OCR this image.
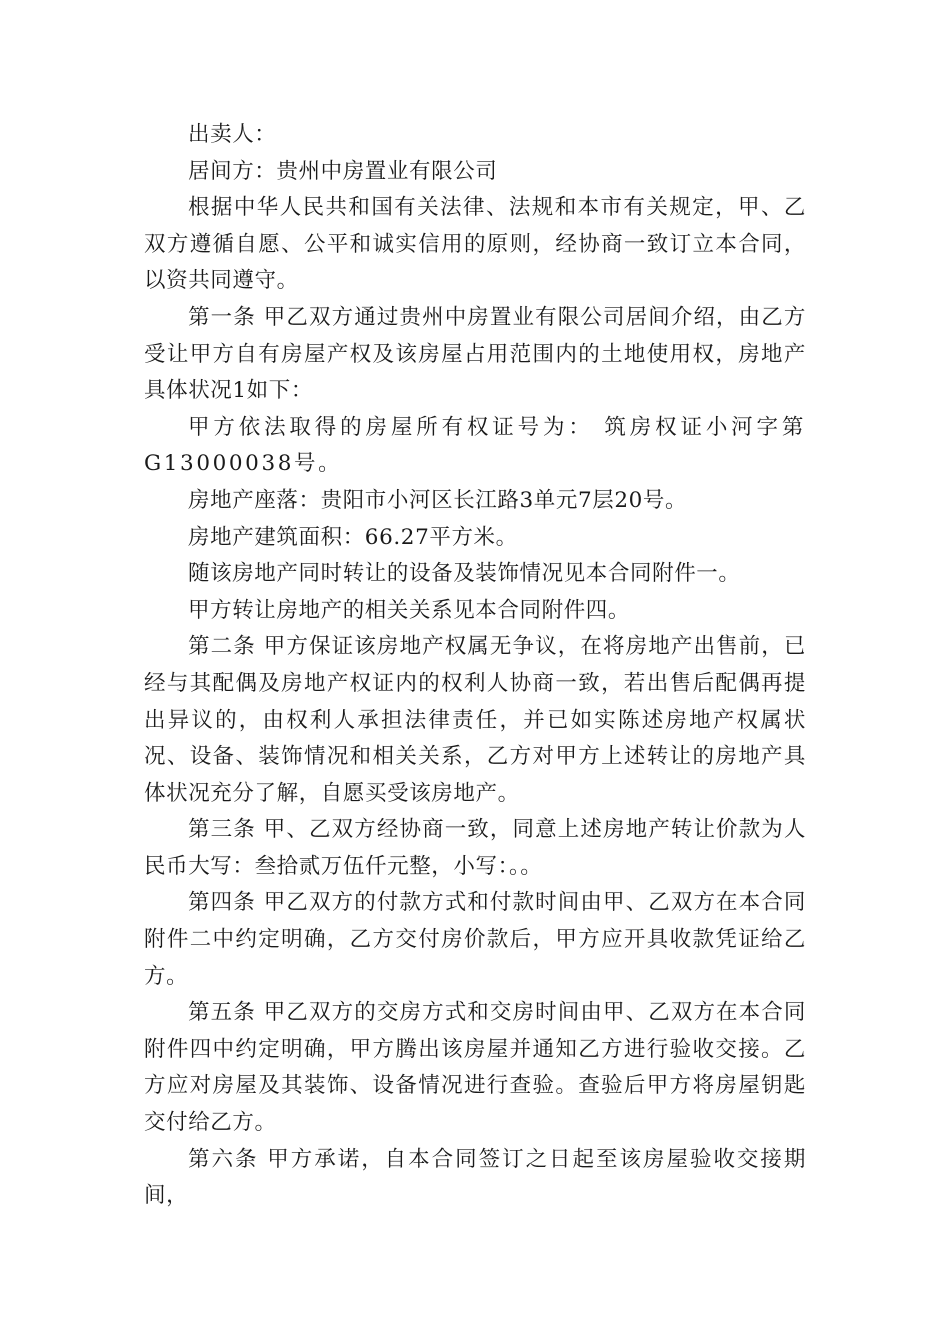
出卖人：

居间方：贵州中房置业有限公司

根据中华人民共和国有关法律、法规和本市有关规定，甲、乙双方遵循自愿、公平和诚实信用的原则，经协商一致订立本合同，以资共同遵守。

第一条 甲乙双方通过贵州中房置业有限公司居间介绍，由乙方受让甲方自有房屋产权及该房屋占用范围内的土地使用权，房地产具体状况1如下：

甲方依法取得的房屋所有权证号为： 筑房权证小河字第G13000038号。

房地产座落：贵阳市小河区长江路3单元7层20号。

房地产建筑面积：66.27平方米。

随该房地产同时转让的设备及装饰情况见本合同附件一。

甲方转让房地产的相关关系见本合同附件四。

第二条 甲方保证该房地产权属无争议，在将房地产出售前，已经与其配偶及房地产权证内的权利人协商一致，若出售后配偶再提出异议的，由权利人承担法律责任，并已如实陈述房地产权属状况、设备、装饰情况和相关关系，乙方对甲方上述转让的房地产具体状况充分了解，自愿买受该房地产。

第三条 甲、乙双方经协商一致，同意上述房地产转让价款为人民币大写：叁拾贰万伍仟元整，小写：。。

第四条 甲乙双方的付款方式和付款时间由甲、乙双方在本合同附件二中约定明确，乙方交付房价款后，甲方应开具收款凭证给乙方。

第五条 甲乙双方的交房方式和交房时间由甲、乙双方在本合同附件四中约定明确，甲方腾出该房屋并通知乙方进行验收交接。乙方应对房屋及其装饰、设备情况进行查验。查验后甲方将房屋钥匙交付给乙方。

第六条 甲方承诺，自本合同签订之日起至该房屋验收交接期间，
